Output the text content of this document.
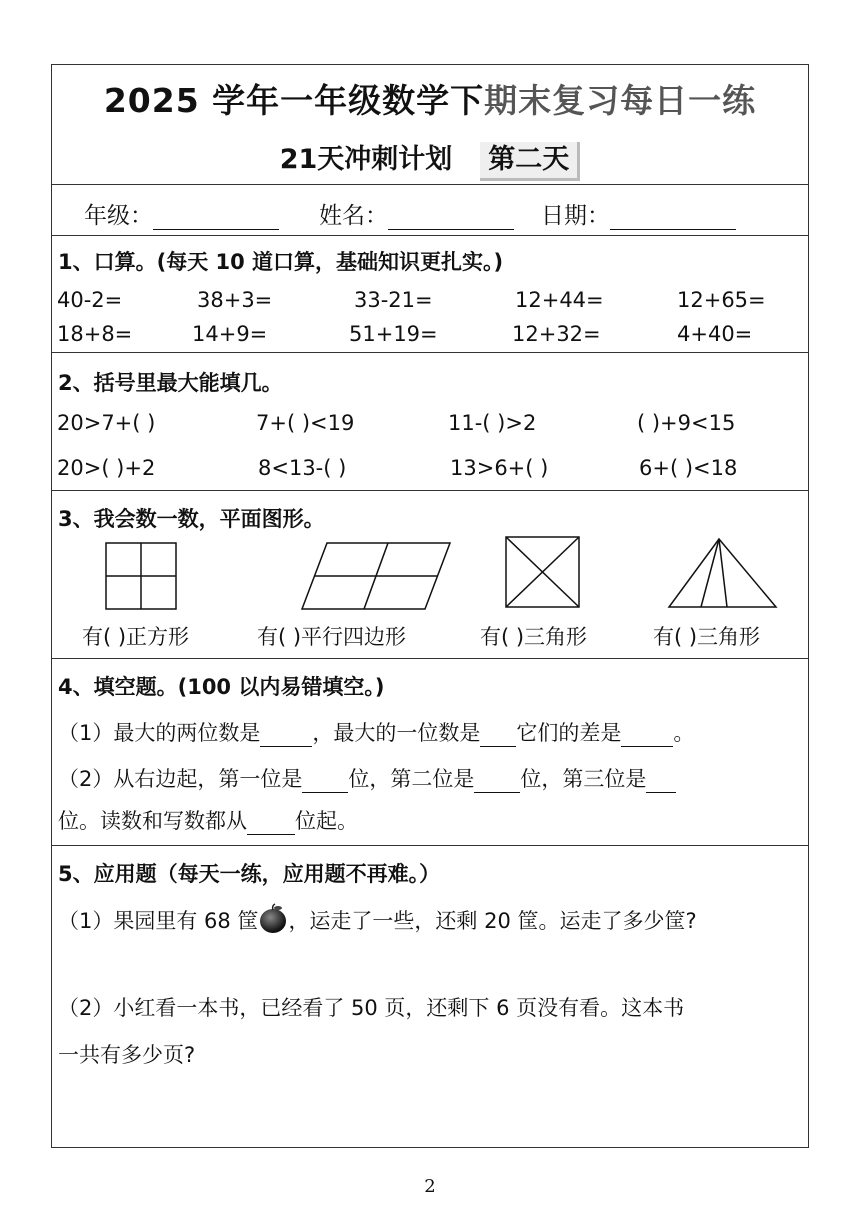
2025 学年一年级数学下期末复习每日一练
21天冲刺计划 第二天
年级：	姓名：	日期：
1、口算。(每天 10 道口算，基础知识更扎实。)
40-2=	38+3=	33-21=	12+44=	12+65=
18+8=	14+9=	51+19=	12+32=	4+40=
2、括号里最大能填几。
20>7+( )	7+( )<19	11-( )>2	( )+9<15
20>( )+2	8<13-( )	13>6+( )	6+( )<18
3、我会数一数，平面图形。
有( )正方形	有( )平行四边形	有( )三角形	有( )三角形
4、填空题。(100 以内易错填空。)
（1）最大的两位数是 ，最大的一位数是 它们的差是 。
（2）从右边起，第一位是 位，第二位是 位，第三位是
位。读数和写数都从 位起。
5、应用题（每天一练，应用题不再难。）
（1）果园里有 68 筐 ，运走了一些，还剩 20 筐。运走了多少筐?
（2）小红看一本书，已经看了 50 页，还剩下 6 页没有看。这本书
一共有多少页?
2
